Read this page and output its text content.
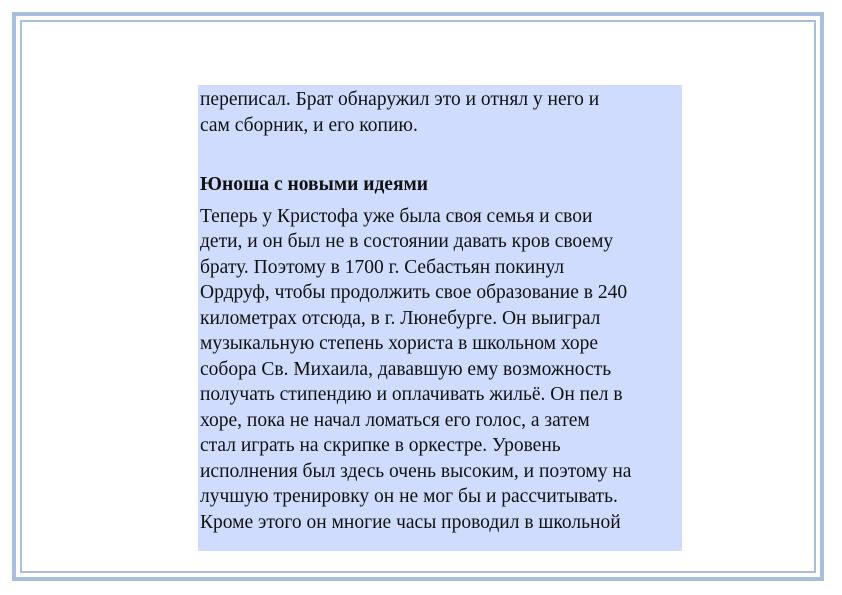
переписал. Брат обнаружил это и отнял у него и
сам сборник, и его копию.

Юноша с новыми идеями

Теперь у Кристофа уже была своя семья и свои
дети, и он был не в состоянии давать кров своему
брату. Поэтому в 1700 г. Себастьян покинул
Ордруф, чтобы продолжить свое образование в 240
километрах отсюда, в г. Люнебурге. Он выиграл
музыкальную степень хориста в школьном хоре
собора Св. Михаила, дававшую ему возможность
получать стипендию и оплачивать жильё. Он пел в
хоре, пока не начал ломаться его голос, а затем
стал играть на скрипке в оркестре. Уровень
исполнения был здесь очень высоким, и поэтому на
лучшую тренировку он не мог бы и рассчитывать.
Кроме этого он многие часы проводил в школьной
